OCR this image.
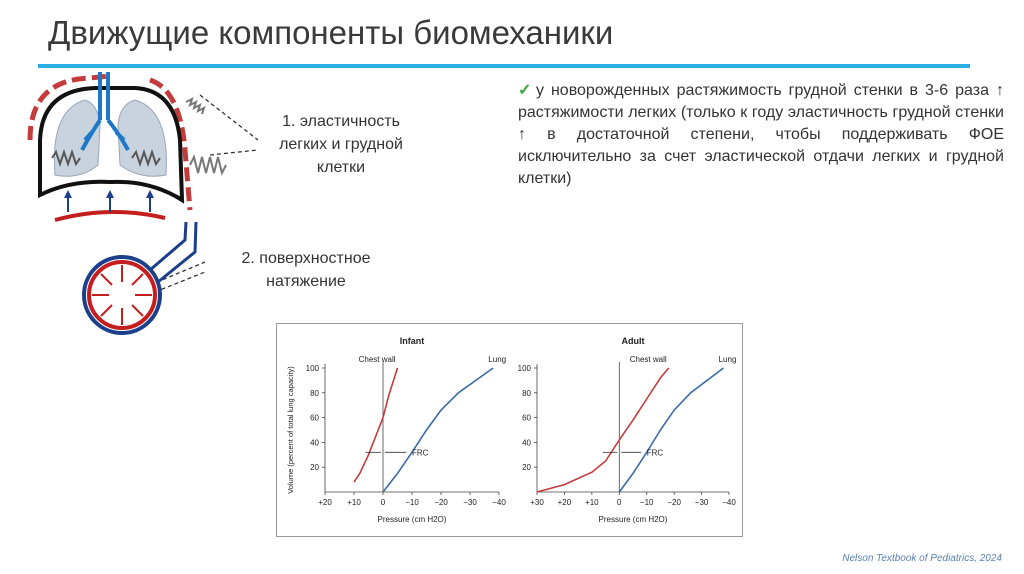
Движущие компоненты биомеханики
1. эластичность легких и грудной клетки
2. поверхностное натяжение
✓ у новорожденных растяжимость грудной стенки в 3-6 раза ↑ растяжимости легких (только к году эластичность грудной стенки ↑ в достаточной степени, чтобы поддерживать ФОЕ исключительно за счет эластической отдачи легких и грудной клетки)
Infant
20
40
60
80
100
+20 +10 0 −10 −20 −30 −40
Pressure (cm H2O)
Volume (percent of total lung capacity)
Chest wall	Lung
FRC
Adult
20
40
60
80
100
+30 +20 +10 0 −10 −20 −30 −40
Pressure (cm H2O)
Chest wall	Lung
FRC
Nelson Textbook of Pediatrics, 2024
